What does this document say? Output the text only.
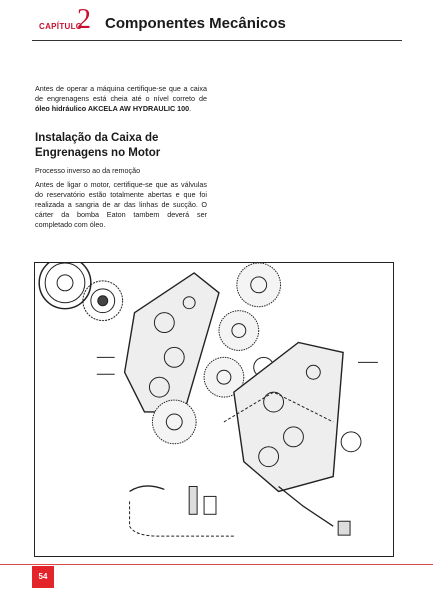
CAPÍTULO
2 Componentes Mecânicos

Antes de operar a máquina certifique-se que a caixa de engrenagens está cheia até o nível correto de óleo hidráulico AKCELA AW HYDRAULIC 100.

Instalação da Caixa de Engrenagens no Motor
Processo inverso ao da remoção

Antes de ligar o motor, certifique-se que as válvulas do reservatório estão totalmente abertas e que foi realizada a sangria de ar das linhas de sucção. O cárter da bomba Eaton tambem deverá ser completado com óleo.

54
